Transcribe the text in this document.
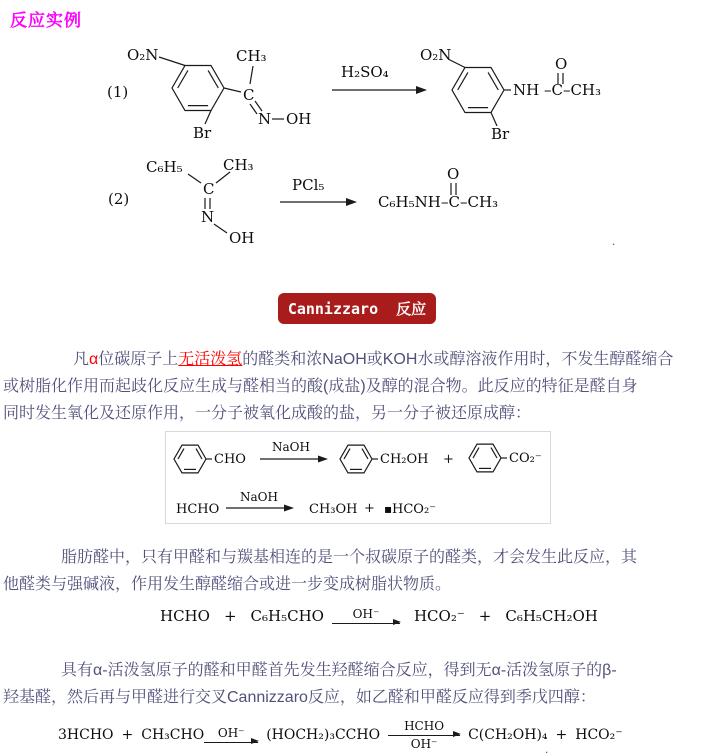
反应实例
(1)
O₂N
Br
C
CH₃
N OH
H₂SO₄
O₂N
Br
NH –C–CH₃
O
(2)
C₆H₅	CH₃
C
N
OH
PCl₅
C₆H₅NH –C–CH₃
O
Cannizzaro  反应
.
凡α位碳原子上无活泼氢的醛类和浓NaOH或KOH水或醇溶液作用时，不发生醇醛缩合
或树脂化作用而起歧化反应生成与醛相当的酸(成盐)及醇的混合物。此反应的特征是醛自身
同时发生氧化及还原作用，一分子被氧化成酸的盐，另一分子被还原成醇：
CHO
NaOH
CH₂OH +	CO₂⁻
HCHO
NaOH
CH₃OH + ▪ HCO₂⁻
脂肪醛中，只有甲醛和与羰基相连的是一个叔碳原子的醛类，才会发生此反应，其
他醛类与强碱液，作用发生醇醛缩合或进一步变成树脂状物质。
HCHO + C₆H₅CHO OH⁻ HCO₂⁻ + C₆H₅CH₂OH
具有α-活泼氢原子的醛和甲醛首先发生羟醛缩合反应，得到无α-活泼氢原子的β-
羟基醛，然后再与甲醛进行交叉Cannizzaro反应，如乙醛和甲醛反应得到季戊四醇：
3HCHO + CH₃CHO OH⁻ (HOCH₂)₃CCHO
HCHO
OH⁻
C(CH₂OH)₄ + HCO₂⁻
.
